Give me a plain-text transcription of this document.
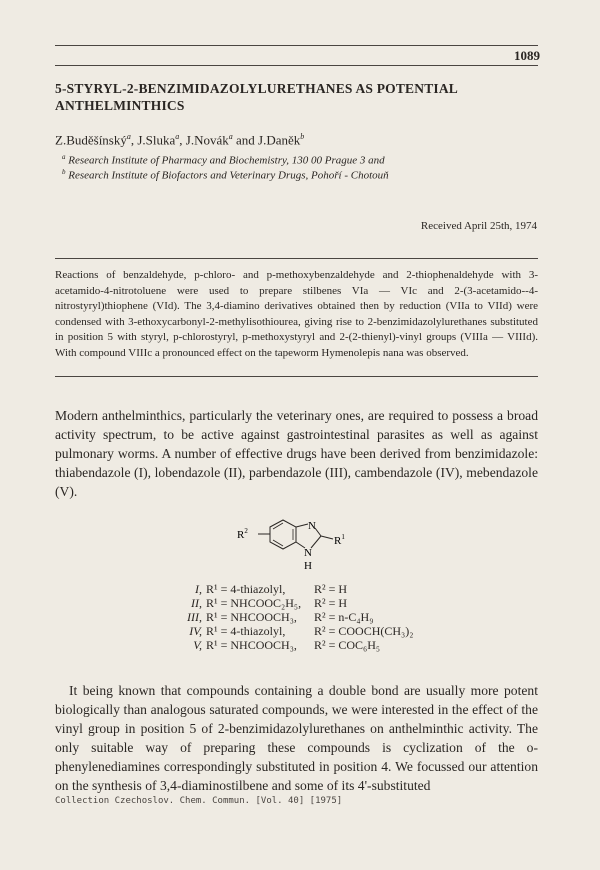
1089
5-STYRYL-2-BENZIMIDAZOLYLURETHANES AS POTENTIAL ANTHELMINTHICS
Z.Buděšínský$^a$, J.Sluka$^a$, J.Novák$^a$ and J.Daněk$^b$
$^a$ Research Institute of Pharmacy and Biochemistry, 130 00 Prague 3 and
$^b$ Research Institute of Biofactors and Veterinary Drugs, Pohoří - Chotouň
Received April 25th, 1974

Reactions of benzaldehyde, p-chloro- and p-methoxybenzaldehyde and 2-thiophenaldehyde with 3-acetamido-4-nitrotoluene were used to prepare stilbenes VIa — VIc and 2-(3-acetamido--4-nitrostyryl)thiophene (VId). The 3,4-diamino derivatives obtained then by reduction (VIIa to VIId) were condensed with 3-ethoxycarbonyl-2-methylisothiourea, giving rise to 2-benzimidazolylurethanes substituted in position 5 with styryl, p-chlorostyryl, p-methoxystyryl and 2-(2-thienyl)-vinyl groups (VIIIa — VIIId). With compound VIIIc a pronounced effect on the tapeworm Hymenolepis nana was observed.

Modern anthelminthics, particularly the veterinary ones, are required to possess a broad activity spectrum, to be active against gastrointestinal parasites as well as against pulmonary worms. A number of effective drugs have been derived from benzimidazole: thiabendazole (I), lobendazole (II), parbendazole (III), cambendazole (IV), mebendazole (V).

$R^2$	N
$R^1$
N
H
I, R¹ = 4-thiazolyl,	R² = H
II, R¹ = NHCOOC₂H₅,	R² = H
III, R¹ = NHCOOCH₃,	R² = n-C₄H₉
IV, R¹ = 4-thiazolyl,	R² = COOCH(CH₃)₂
V, R¹ = NHCOOCH₃,	R² = COC₆H₅

It being known that compounds containing a double bond are usually more potent biologically than analogous saturated compounds, we were interested in the effect of the vinyl group in position 5 of 2-benzimidazolylurethanes on anthelminthic activity. The only suitable way of preparing these compounds is cyclization of the o-phenylenediamines correspondingly substituted in position 4. We focussed our attention on the synthesis of 3,4-diaminostilbene and some of its 4'-substituted

Collection Czechoslov. Chem. Commun. [Vol. 40] [1975]
